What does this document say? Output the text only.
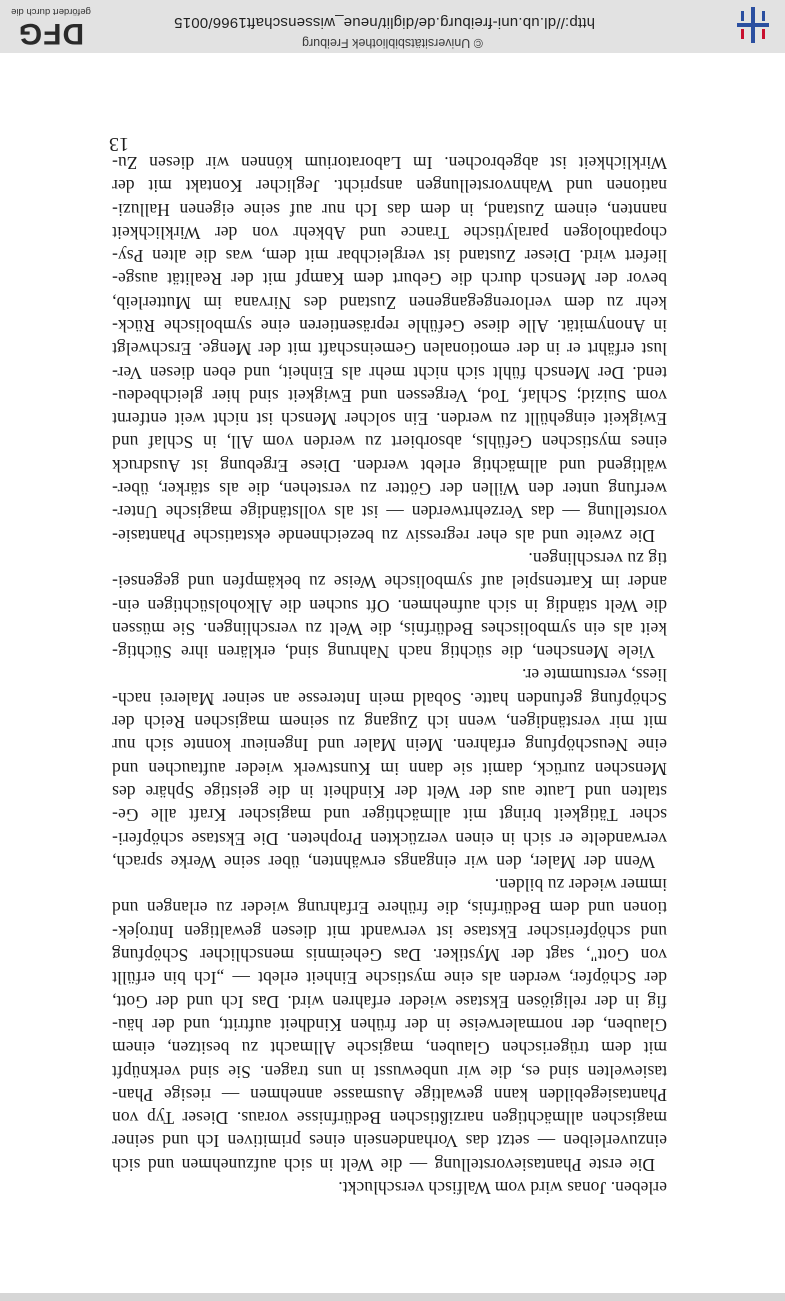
erleben. Jonas wird vom Walfisch verschluckt.
Die erste Phantasievorstellung — die Welt in sich aufzunehmen und sich
einzuverleiben — setzt das Vorhandensein eines primitiven Ich und seiner
magischen allmächtigen narzißtischen Bedürfnisse voraus. Dieser Typ von
Phantasiegebilden kann gewaltige Ausmasse annehmen — riesige Phan-
tasiewelten sind es, die wir unbewusst in uns tragen. Sie sind verknüpft
mit dem trügerischen Glauben, magische Allmacht zu besitzen, einem
Glauben, der normalerweise in der frühen Kindheit auftritt, und der häu-
fig in der religiösen Ekstase wieder erfahren wird. Das Ich und der Gott,
der Schöpfer, werden als eine mystische Einheit erlebt — „Ich bin erfüllt
von Gott", sagt der Mystiker. Das Geheimnis menschlicher Schöpfung
und schöpferischer Ekstase ist verwandt mit diesen gewaltigen Introjek-
tionen und dem Bedürfnis, die frühere Erfahrung wieder zu erlangen und
immer wieder zu bilden.
Wenn der Maler, den wir eingangs erwähnten, über seine Werke sprach,
verwandelte er sich in einen verzückten Propheten. Die Ekstase schöpferi-
scher Tätigkeit bringt mit allmächtiger und magischer Kraft alle Ge-
stalten und Laute aus der Welt der Kindheit in die geistige Sphäre des
Menschen zurück, damit sie dann im Kunstwerk wieder auftauchen und
eine Neuschöpfung erfahren. Mein Maler und Ingenieur konnte sich nur
mit mir verständigen, wenn ich Zugang zu seinem magischen Reich der
Schöpfung gefunden hatte. Sobald mein Interesse an seiner Malerei nach-
liess, verstummte er.
Viele Menschen, die süchtig nach Nahrung sind, erklären ihre Süchtig-
keit als ein symbolisches Bedürfnis, die Welt zu verschlingen. Sie müssen
die Welt ständig in sich aufnehmen. Oft suchen die Alkoholsüchtigen ein-
ander im Kartenspiel auf symbolische Weise zu bekämpfen und gegensei-
tig zu verschlingen.
Die zweite und als eher regressiv zu bezeichnende ekstatische Phantasie-
vorstellung — das Verzehrtwerden — ist als vollständige magische Unter-
werfung unter den Willen der Götter zu verstehen, die als stärker, über-
wältigend und allmächtig erlebt werden. Diese Ergebung ist Ausdruck
eines mystischen Gefühls, absorbiert zu werden vom All, in Schlaf und
Ewigkeit eingehüllt zu werden. Ein solcher Mensch ist nicht weit entfernt
vom Suizid; Schlaf, Tod, Vergessen und Ewigkeit sind hier gleichbedeu-
tend. Der Mensch fühlt sich nicht mehr als Einheit, und eben diesen Ver-
lust erfährt er in der emotionalen Gemeinschaft mit der Menge. Erschwelgt
in Anonymität. Alle diese Gefühle repräsentieren eine symbolische Rück-
kehr zu dem verlorengegangenen Zustand des Nirvana im Mutterleib,
bevor der Mensch durch die Geburt dem Kampf mit der Realität ausge-
liefert wird. Dieser Zustand ist vergleichbar mit dem, was die alten Psy-
chopathologen paralytische Trance und Abkehr von der Wirklichkeit
nannten, einem Zustand, in dem das Ich nur auf seine eigenen Halluzi-
nationen und Wahnvorstellungen anspricht. Jeglicher Kontakt mit der
Wirklichkeit ist abgebrochen. Im Laboratorium können wir diesen Zu-
13
© Universitätsbibliothek Freiburg
http://dl.ub.uni-freiburg.de/diglit/neue_wissenschaft1966/0015
DFG
gefördert durch die
